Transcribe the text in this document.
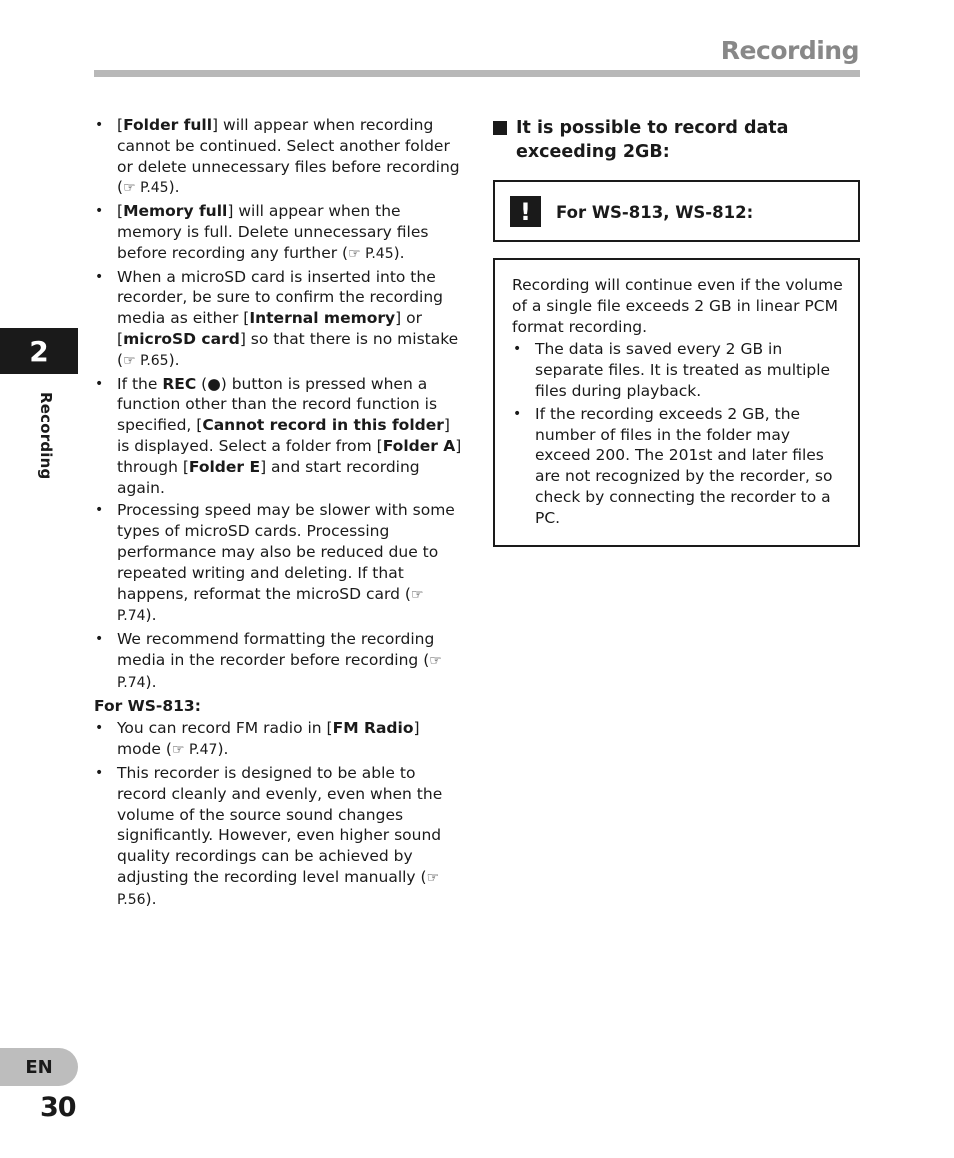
Recording
2
Recording
EN
30
• [Folder full] will appear when recording cannot be continued. Select another folder or delete unnecessary files before recording (☞ P.45).
• [Memory full] will appear when the memory is full. Delete unnecessary files before recording any further (☞ P.45).
• When a microSD card is inserted into the recorder, be sure to confirm the recording media as either [Internal memory] or [microSD card] so that there is no mistake (☞ P.65).
• If the REC (●) button is pressed when a function other than the record function is specified, [Cannot record in this folder] is displayed. Select a folder from [Folder A] through [Folder E] and start recording again.
• Processing speed may be slower with some types of microSD cards. Processing performance may also be reduced due to repeated writing and deleting. If that happens, reformat the microSD card (☞ P.74).
• We recommend formatting the recording media in the recorder before recording (☞ P.74).
For WS-813:
• You can record FM radio in [FM Radio] mode (☞ P.47).
• This recorder is designed to be able to record cleanly and evenly, even when the volume of the source sound changes significantly. However, even higher sound quality recordings can be achieved by adjusting the recording level manually (☞ P.56).
It is possible to record data exceeding 2GB:
!	For WS-813, WS-812:

Recording will continue even if the volume of a single file exceeds 2 GB in linear PCM format recording.

• The data is saved every 2 GB in separate files. It is treated as multiple files during playback.
• If the recording exceeds 2 GB, the number of files in the folder may exceed 200. The 201st and later files are not recognized by the recorder, so check by connecting the recorder to a PC.
